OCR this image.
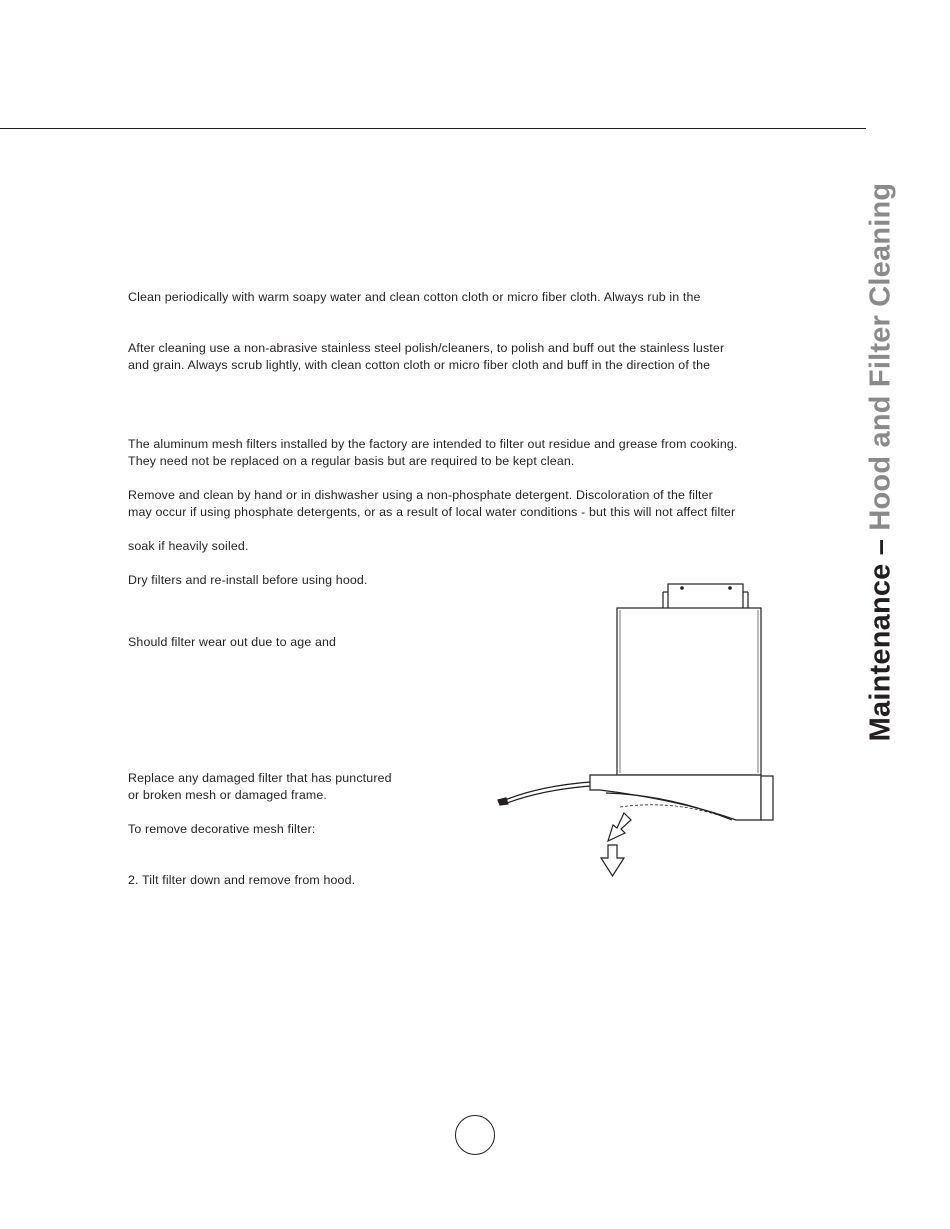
Maintenance – Hood and Filter Cleaning

Clean periodically with warm soapy water and clean cotton cloth or micro fiber cloth. Always rub in the

After cleaning use a non-abrasive stainless steel polish/cleaners, to polish and buff out the stainless luster

and grain. Always scrub lightly, with clean cotton cloth or micro fiber cloth and buff in the direction of the

The aluminum mesh filters installed by the factory are intended to filter out residue and grease from cooking.

They need not be replaced on a regular basis but are required to be kept clean.

Remove and clean by hand or in dishwasher using a non-phosphate detergent. Discoloration of the filter

may occur if using phosphate detergents, or as a result of local water conditions - but this will not affect filter

soak if heavily soiled.

Dry filters and re-install before using hood.

Should filter wear out due to age and

Replace any damaged filter that has punctured

or broken mesh or damaged frame.

To remove decorative mesh filter:

2. Tilt filter down and remove from hood.
